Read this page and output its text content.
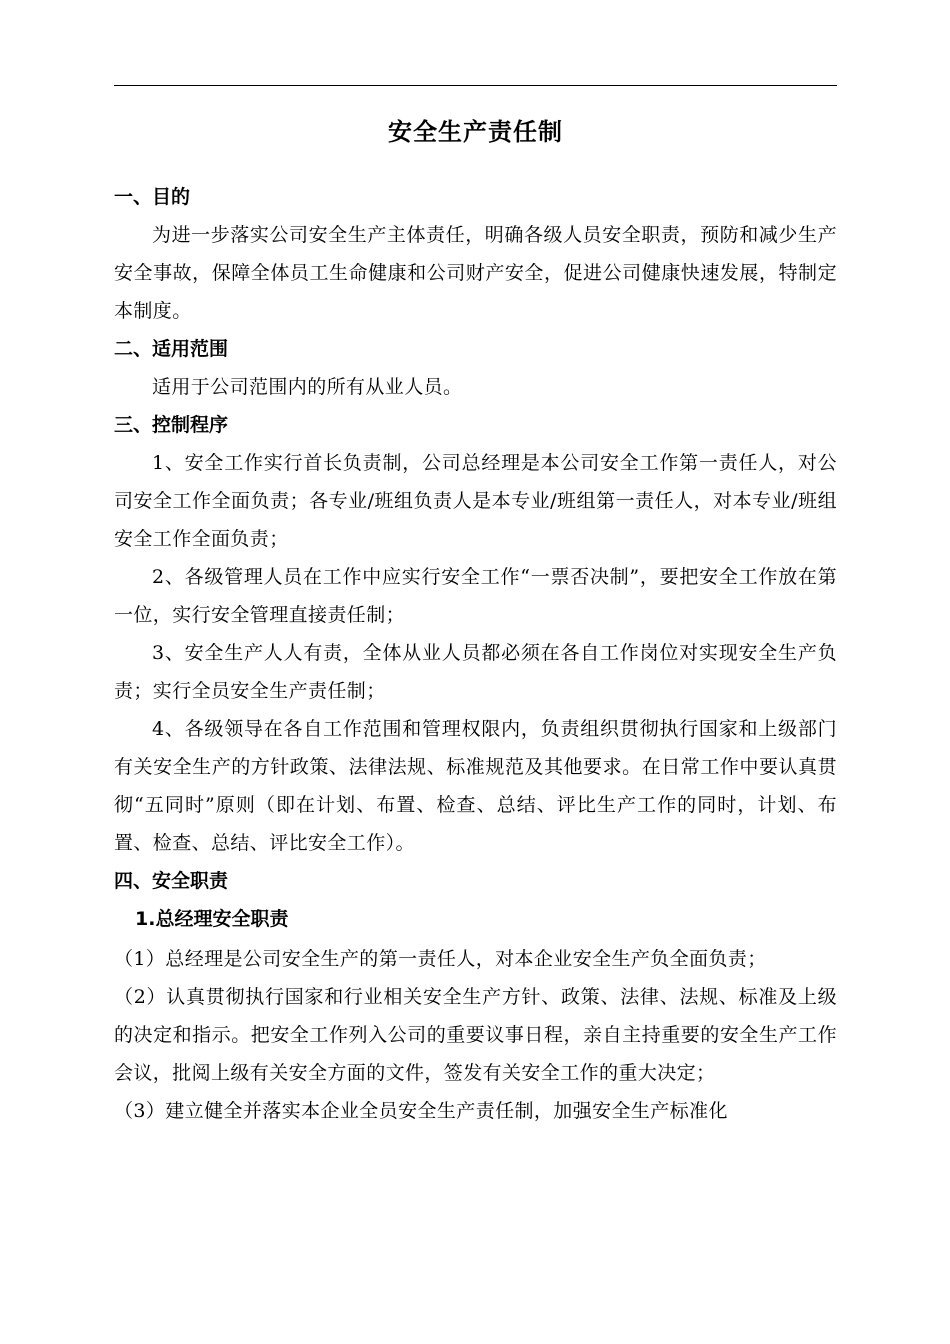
安全生产责任制

一、目的

为进一步落实公司安全生产主体责任，明确各级人员安全职责，预防和减少生产安全事故，保障全体员工生命健康和公司财产安全，促进公司健康快速发展，特制定本制度。

二、适用范围

适用于公司范围内的所有从业人员。

三、控制程序

1、安全工作实行首长负责制，公司总经理是本公司安全工作第一责任人，对公司安全工作全面负责；各专业/班组负责人是本专业/班组第一责任人，对本专业/班组安全工作全面负责；

2、各级管理人员在工作中应实行安全工作“一票否决制”，要把安全工作放在第一位，实行安全管理直接责任制；

3、安全生产人人有责，全体从业人员都必须在各自工作岗位对实现安全生产负责；实行全员安全生产责任制；

4、各级领导在各自工作范围和管理权限内，负责组织贯彻执行国家和上级部门有关安全生产的方针政策、法律法规、标准规范及其他要求。在日常工作中要认真贯彻“五同时”原则（即在计划、布置、检查、总结、评比生产工作的同时，计划、布置、检查、总结、评比安全工作）。

四、安全职责

1.总经理安全职责

（1）总经理是公司安全生产的第一责任人，对本企业安全生产负全面负责；

（2）认真贯彻执行国家和行业相关安全生产方针、政策、法律、法规、标准及上级的决定和指示。把安全工作列入公司的重要议事日程，亲自主持重要的安全生产工作会议，批阅上级有关安全方面的文件，签发有关安全工作的重大决定；

（3）建立健全并落实本企业全员安全生产责任制，加强安全生产标准化
